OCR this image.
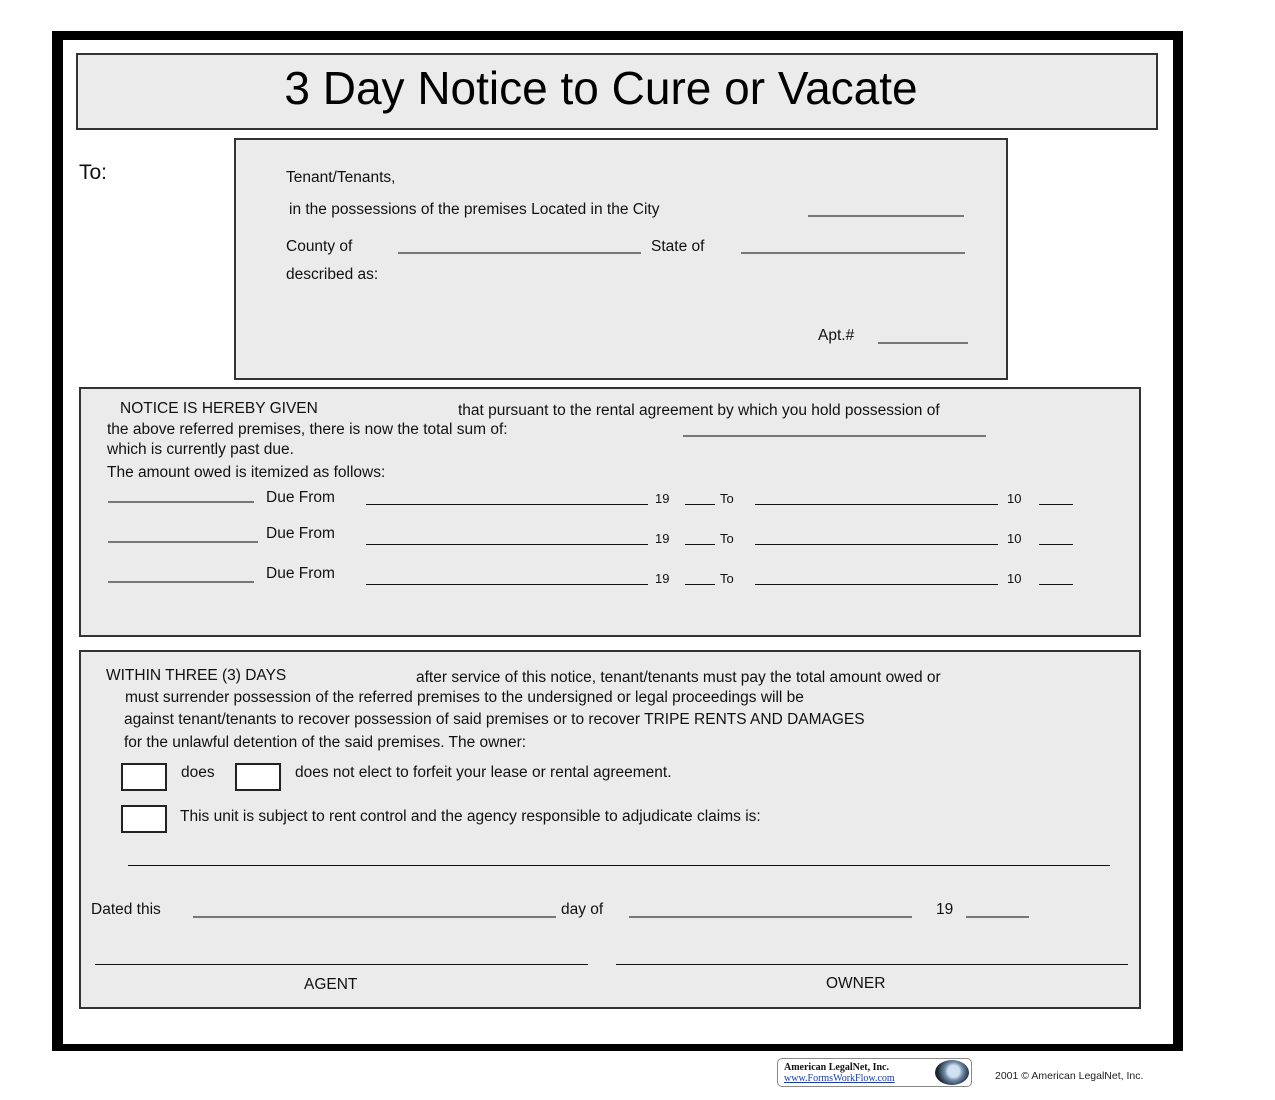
3 Day Notice to Cure or Vacate
To:	Tenant/Tenants,
in the possessions of the premises Located in the City
County of	State of
described as:
Apt.#
NOTICE IS HEREBY GIVEN	that pursuant to the rental agreement by which you hold possession of
the above referred premises, there is now the total sum of:
which is currently past due.
The amount owed is itemized as follows:
Due From	19	To	10
Due From	19	To	10
Due From	19	To	10
WITHIN THREE (3) DAYS	after service of this notice, tenant/tenants must pay the total amount owed or
must surrender possession of the referred premises to the undersigned or legal proceedings will be
against tenant/tenants to recover possession of said premises or to recover TRIPE RENTS AND DAMAGES
for the unlawful detention of the said premises. The owner:
does	does not elect to forfeit your lease or rental agreement.
This unit is subject to rent control and the agency responsible to adjudicate claims is:
Dated this	day of	19
AGENT	OWNER
American LegalNet, Inc.
www.FormsWorkFlow.com	2001 © American LegalNet, Inc.
